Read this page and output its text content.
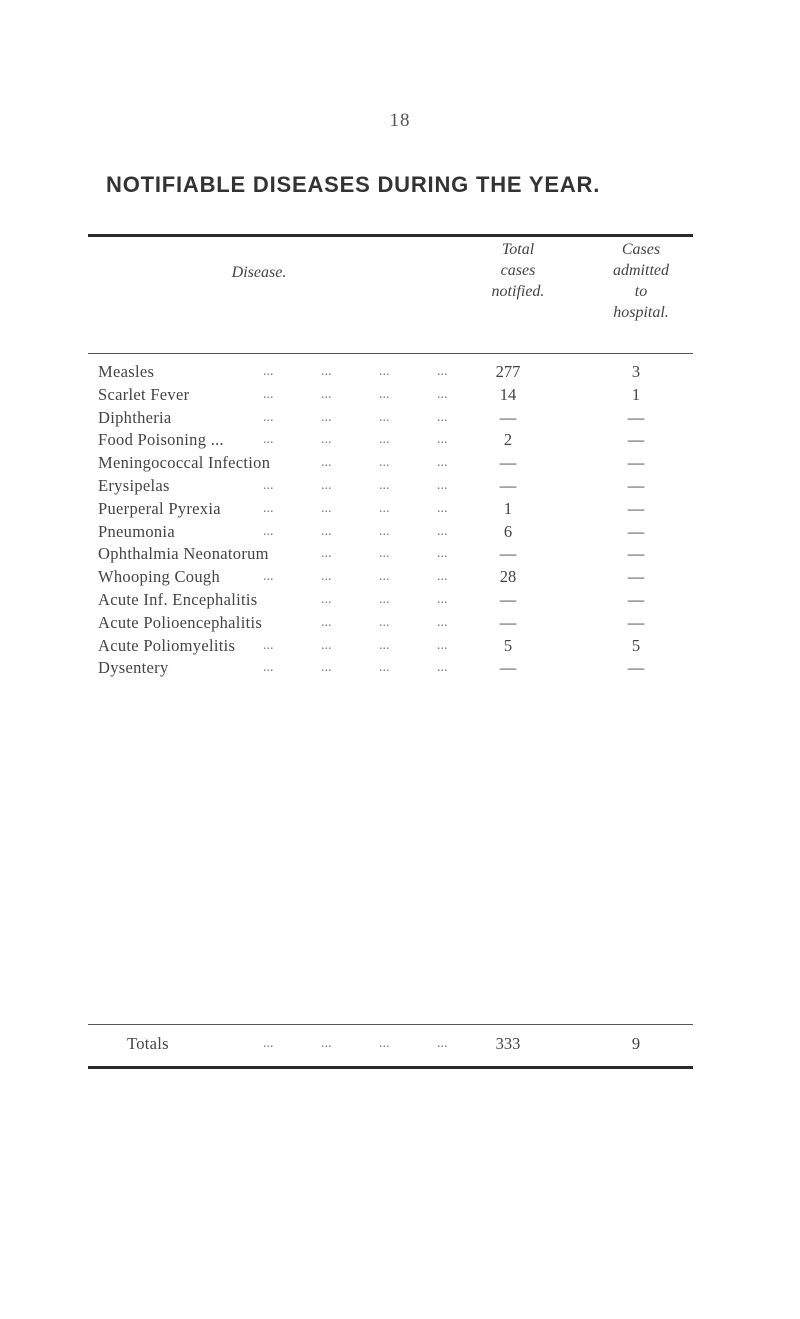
18
NOTIFIABLE DISEASES DURING THE YEAR.
Disease.
Total
cases
notified.
Cases
admitted
to
hospital.
Measles	...	...	...	...	277	3
Scarlet Fever	...	...	...	...	14	1
Diphtheria	...	...	...	...	—	—
Food Poisoning ...	...	...	...	...	2	—
Meningococcal Infection	...	...	...	—	—
Erysipelas	...	...	...	...	—	—
Puerperal Pyrexia	...	...	...	...	1	—
Pneumonia	...	...	...	...	6	—
Ophthalmia Neonatorum	...	...	...	—	—
Whooping Cough	...	...	...	...	28	—
Acute Inf. Encephalitis	...	...	...	—	—
Acute Polioencephalitis	...	...	...	—	—
Acute Poliomyelitis ...	...	...	...	5	5
Dysentery	...	...	...	...	—	—
Totals	...	...	...	...	333	9
